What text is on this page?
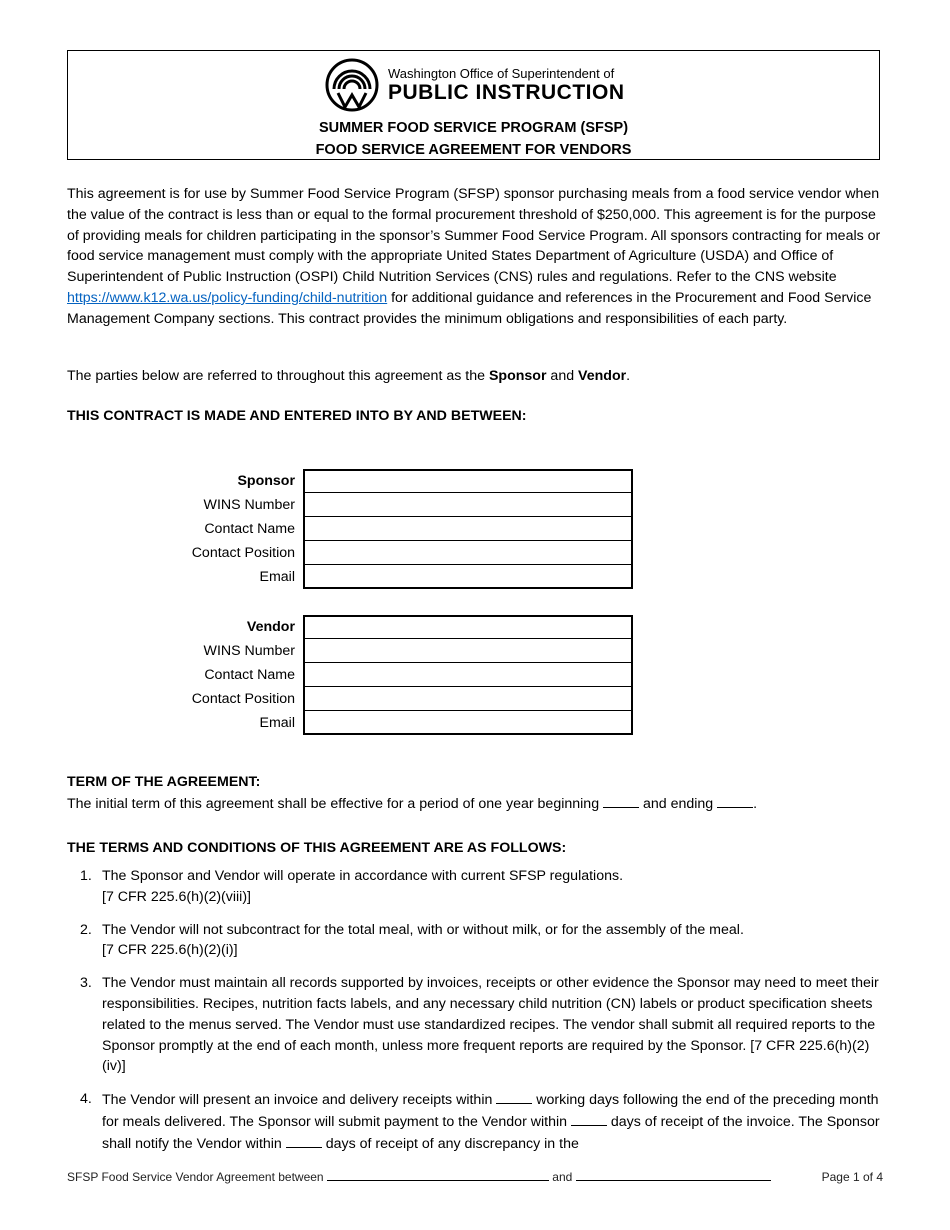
Washington Office of Superintendent of
PUBLIC INSTRUCTION
SUMMER FOOD SERVICE PROGRAM (SFSP)
FOOD SERVICE AGREEMENT FOR VENDORS

This agreement is for use by Summer Food Service Program (SFSP) sponsor purchasing meals from a food service vendor when the value of the contract is less than or equal to the formal procurement threshold of $250,000. This agreement is for the purpose of providing meals for children participating in the sponsor’s Summer Food Service Program. All sponsors contracting for meals or food service management must comply with the appropriate United States Department of Agriculture (USDA) and Office of Superintendent of Public Instruction (OSPI) Child Nutrition Services (CNS) rules and regulations. Refer to the CNS website https://www.k12.wa.us/policy-funding/child-nutrition for additional guidance and references in the Procurement and Food Service Management Company sections. This contract provides the minimum obligations and responsibilities of each party.

The parties below are referred to throughout this agreement as the Sponsor and Vendor.

THIS CONTRACT IS MADE AND ENTERED INTO BY AND BETWEEN:

Sponsor
WINS Number
Contact Name
Contact Position
Email
Vendor
WINS Number
Contact Name
Contact Position
Email

TERM OF THE AGREEMENT:

The initial term of this agreement shall be effective for a period of one year beginning	and ending	.

THE TERMS AND CONDITIONS OF THIS AGREEMENT ARE AS FOLLOWS:

1. The Sponsor and Vendor will operate in accordance with current SFSP regulations.
[7 CFR 225.6(h)(2)(viii)]
2. The Vendor will not subcontract for the total meal, with or without milk, or for the assembly of the meal.
[7 CFR 225.6(h)(2)(i)]
3. The Vendor must maintain all records supported by invoices, receipts or other evidence the Sponsor may need to meet their responsibilities. Recipes, nutrition facts labels, and any necessary child nutrition (CN) labels or product specification sheets related to the menus served. The Vendor must use standardized recipes. The vendor shall submit all required reports to the Sponsor promptly at the end of each month, unless more frequent reports are required by the Sponsor. [7 CFR 225.6(h)(2)(iv)]
4. The Vendor will present an invoice and delivery receipts within	working days following the end of the preceding month for meals delivered. The Sponsor will submit payment to the Vendor within	days of receipt of the invoice. The Sponsor shall notify the Vendor within	days of receipt of any discrepancy in the
SFSP Food Service Vendor Agreement between	and	Page 1 of 4
